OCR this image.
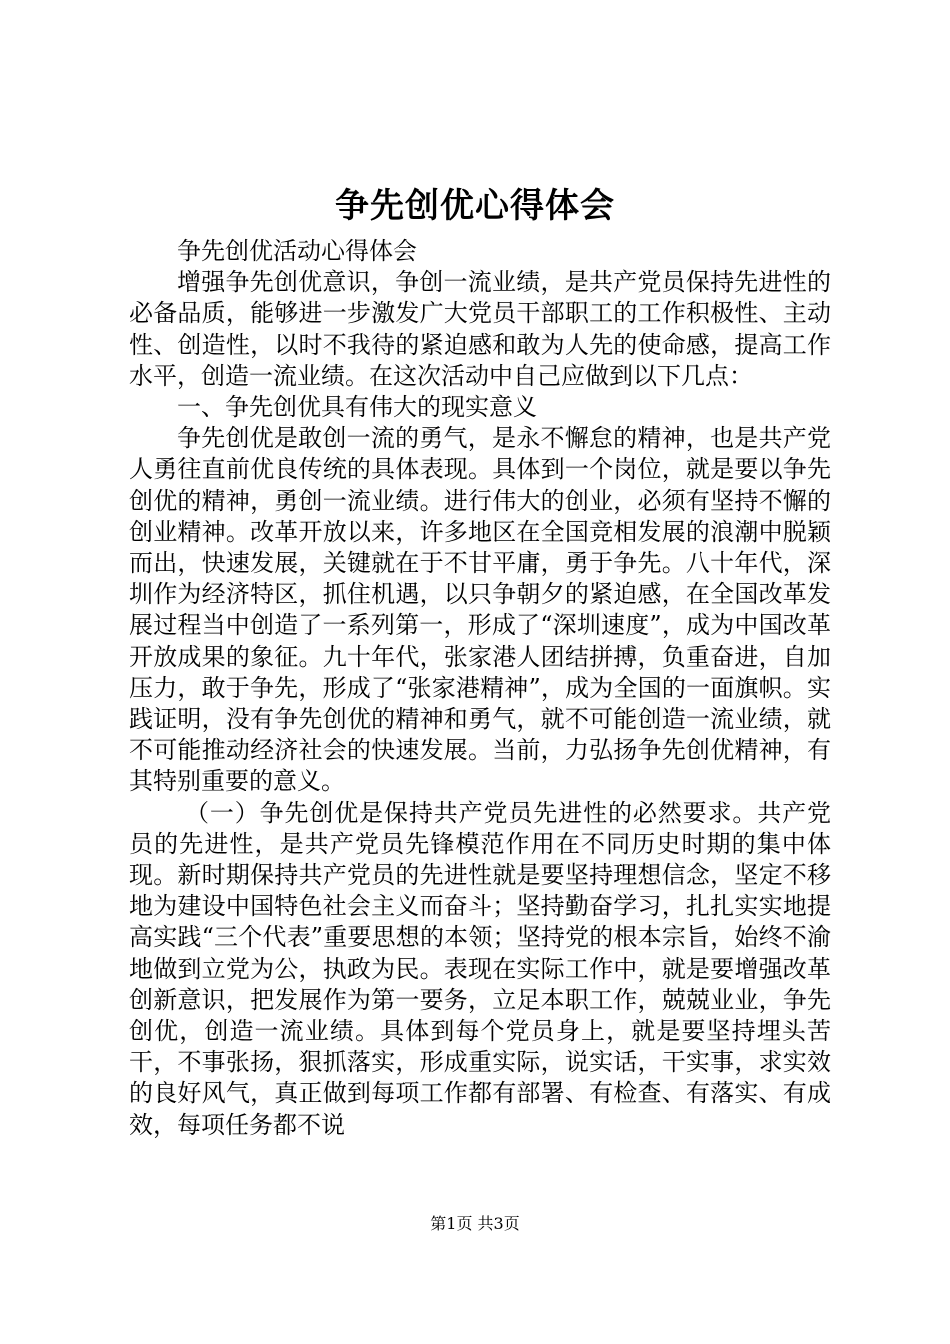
争先创优心得体会

争先创优活动心得体会

增强争先创优意识，争创一流业绩，是共产党员保持先进性的必备品质，能够进一步激发广大党员干部职工的工作积极性、主动性、创造性，以时不我待的紧迫感和敢为人先的使命感，提高工作水平，创造一流业绩。在这次活动中自己应做到以下几点：

一、争先创优具有伟大的现实意义

争先创优是敢创一流的勇气，是永不懈怠的精神，也是共产党人勇往直前优良传统的具体表现。具体到一个岗位，就是要以争先创优的精神，勇创一流业绩。进行伟大的创业，必须有坚持不懈的创业精神。改革开放以来，许多地区在全国竞相发展的浪潮中脱颖而出，快速发展，关键就在于不甘平庸，勇于争先。八十年代，深圳作为经济特区，抓住机遇，以只争朝夕的紧迫感，在全国改革发展过程当中创造了一系列第一，形成了“深圳速度”，成为中国改革开放成果的象征。九十年代，张家港人团结拼搏，负重奋进，自加压力，敢于争先，形成了“张家港精神”，成为全国的一面旗帜。实践证明，没有争先创优的精神和勇气，就不可能创造一流业绩，就不可能推动经济社会的快速发展。当前，力弘扬争先创优精神，有其特别重要的意义。

（一）争先创优是保持共产党员先进性的必然要求。共产党员的先进性，是共产党员先锋模范作用在不同历史时期的集中体现。新时期保持共产党员的先进性就是要坚持理想信念，坚定不移地为建设中国特色社会主义而奋斗；坚持勤奋学习，扎扎实实地提高实践“三个代表”重要思想的本领；坚持党的根本宗旨，始终不渝地做到立党为公，执政为民。表现在实际工作中，就是要增强改革创新意识，把发展作为第一要务，立足本职工作，兢兢业业，争先创优，创造一流业绩。具体到每个党员身上，就是要坚持埋头苦干，不事张扬，狠抓落实，形成重实际，说实话，干实事，求实效的良好风气，真正做到每项工作都有部署、有检查、有落实、有成效，每项任务都不说

第1页 共3页
